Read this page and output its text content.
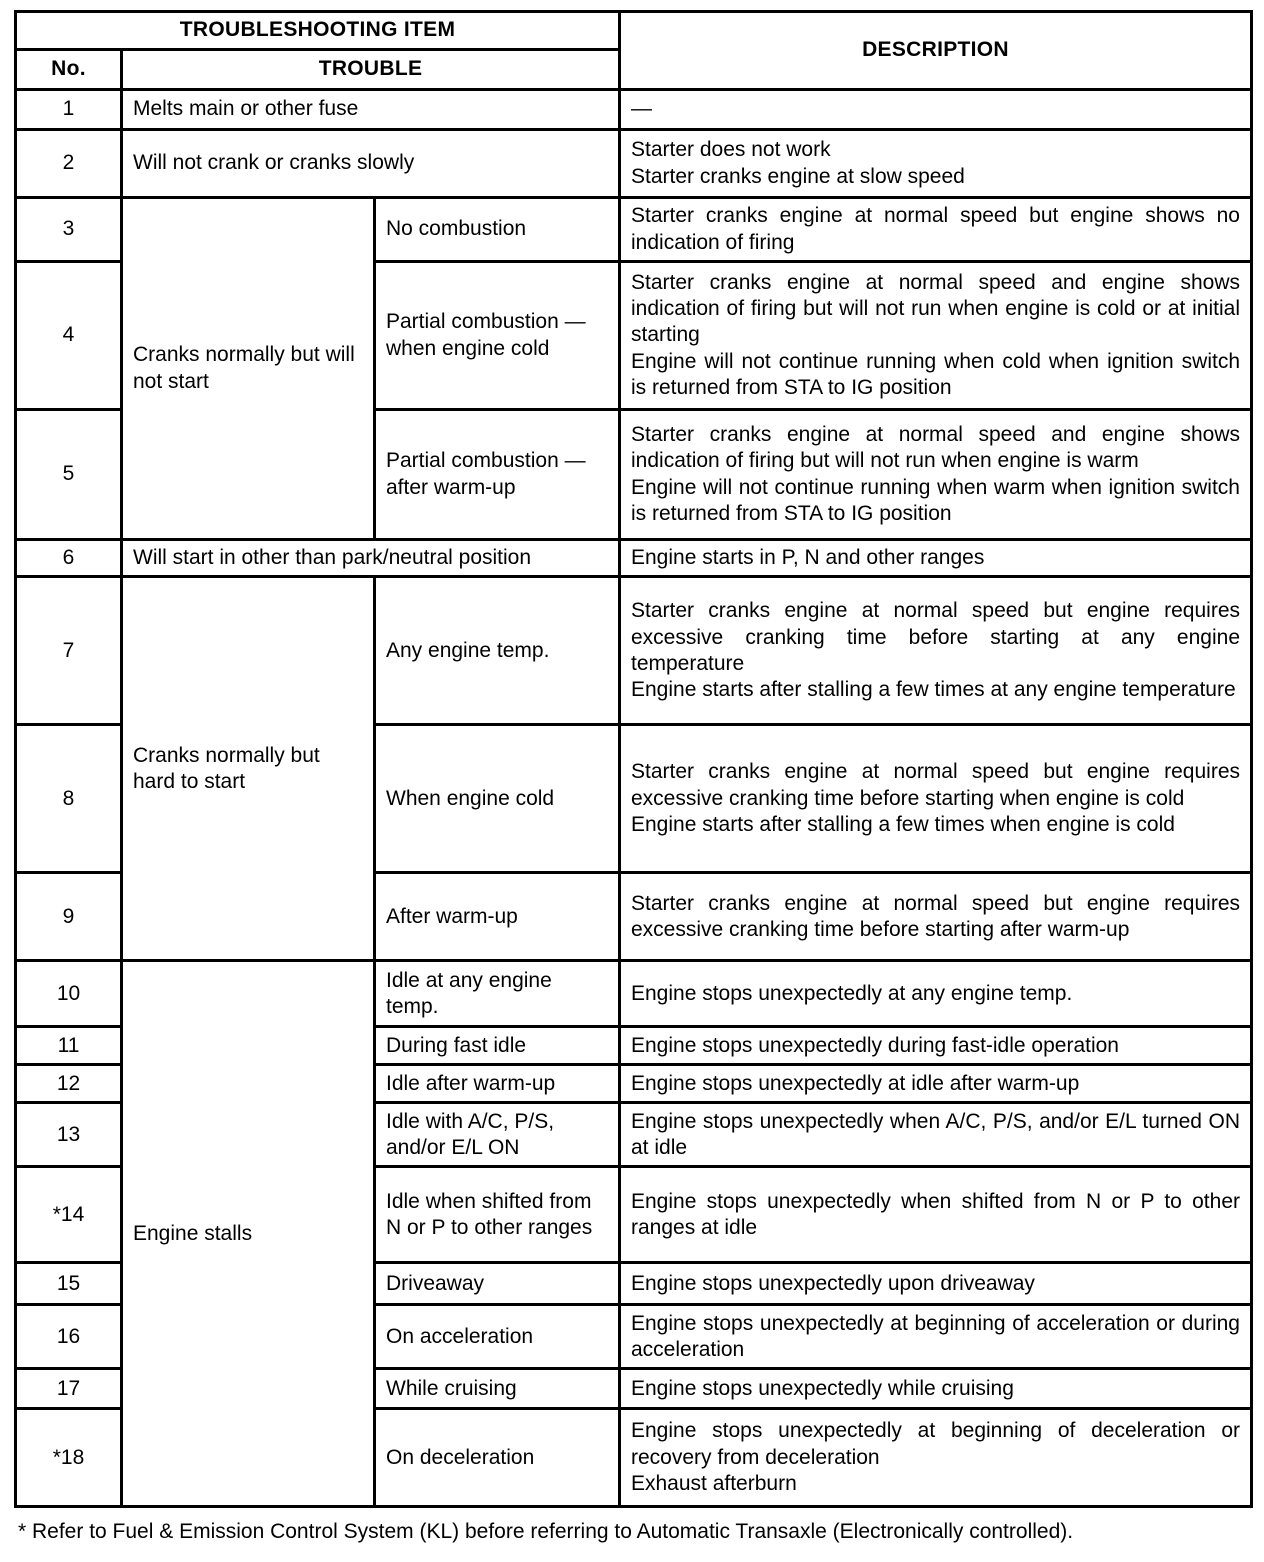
TROUBLESHOOTING ITEM			DESCRIPTION
No.	TROUBLE		
1	Melts main or other fuse		—

2	Will not crank or cranks slowly		Starter does not work

Starter cranks engine at slow speed

3	Cranks normally but will not start	No combustion	Starter cranks engine at normal speed but engine shows no indication of firing

4		Partial combustion — when engine cold	Starter cranks engine at normal speed and engine shows indication of firing but will not run when engine is cold or at initial starting

Engine will not continue running when cold when ignition switch is returned from STA to IG position

5		Partial combustion — after warm-up	Starter cranks engine at normal speed and engine shows indication of firing but will not run when engine is warm

Engine will not continue running when warm when ignition switch is returned from STA to IG position

6	Will start in other than park/neutral position		Engine starts in P, N and other ranges

7	Cranks normally but hard to start	Any engine temp.	Starter cranks engine at normal speed but engine requires excessive cranking time before starting at any engine temperature

Engine starts after stalling a few times at any engine temperature

8		When engine cold	Starter cranks engine at normal speed but engine requires excessive cranking time before starting when engine is cold

Engine starts after stalling a few times when engine is cold

9		After warm-up	Starter cranks engine at normal speed but engine requires excessive cranking time before starting after warm-up

10	Engine stalls	Idle at any engine temp.	Engine stops unexpectedly at any engine temp.

11		During fast idle	Engine stops unexpectedly during fast-idle operation

12		Idle after warm-up	Engine stops unexpectedly at idle after warm-up

13		Idle with A/C, P/S, and/or E/L ON	Engine stops unexpectedly when A/C, P/S, and/or E/L turned ON at idle

*14		Idle when shifted from N or P to other ranges	Engine stops unexpectedly when shifted from N or P to other ranges at idle

15		Driveaway	Engine stops unexpectedly upon driveaway

16		On acceleration	Engine stops unexpectedly at beginning of acceleration or during acceleration

17		While cruising	Engine stops unexpectedly while cruising

*18		On deceleration	Engine stops unexpectedly at beginning of deceleration or recovery from deceleration

Exhaust afterburn

* Refer to Fuel & Emission Control System (KL) before referring to Automatic Transaxle (Electronically controlled).
